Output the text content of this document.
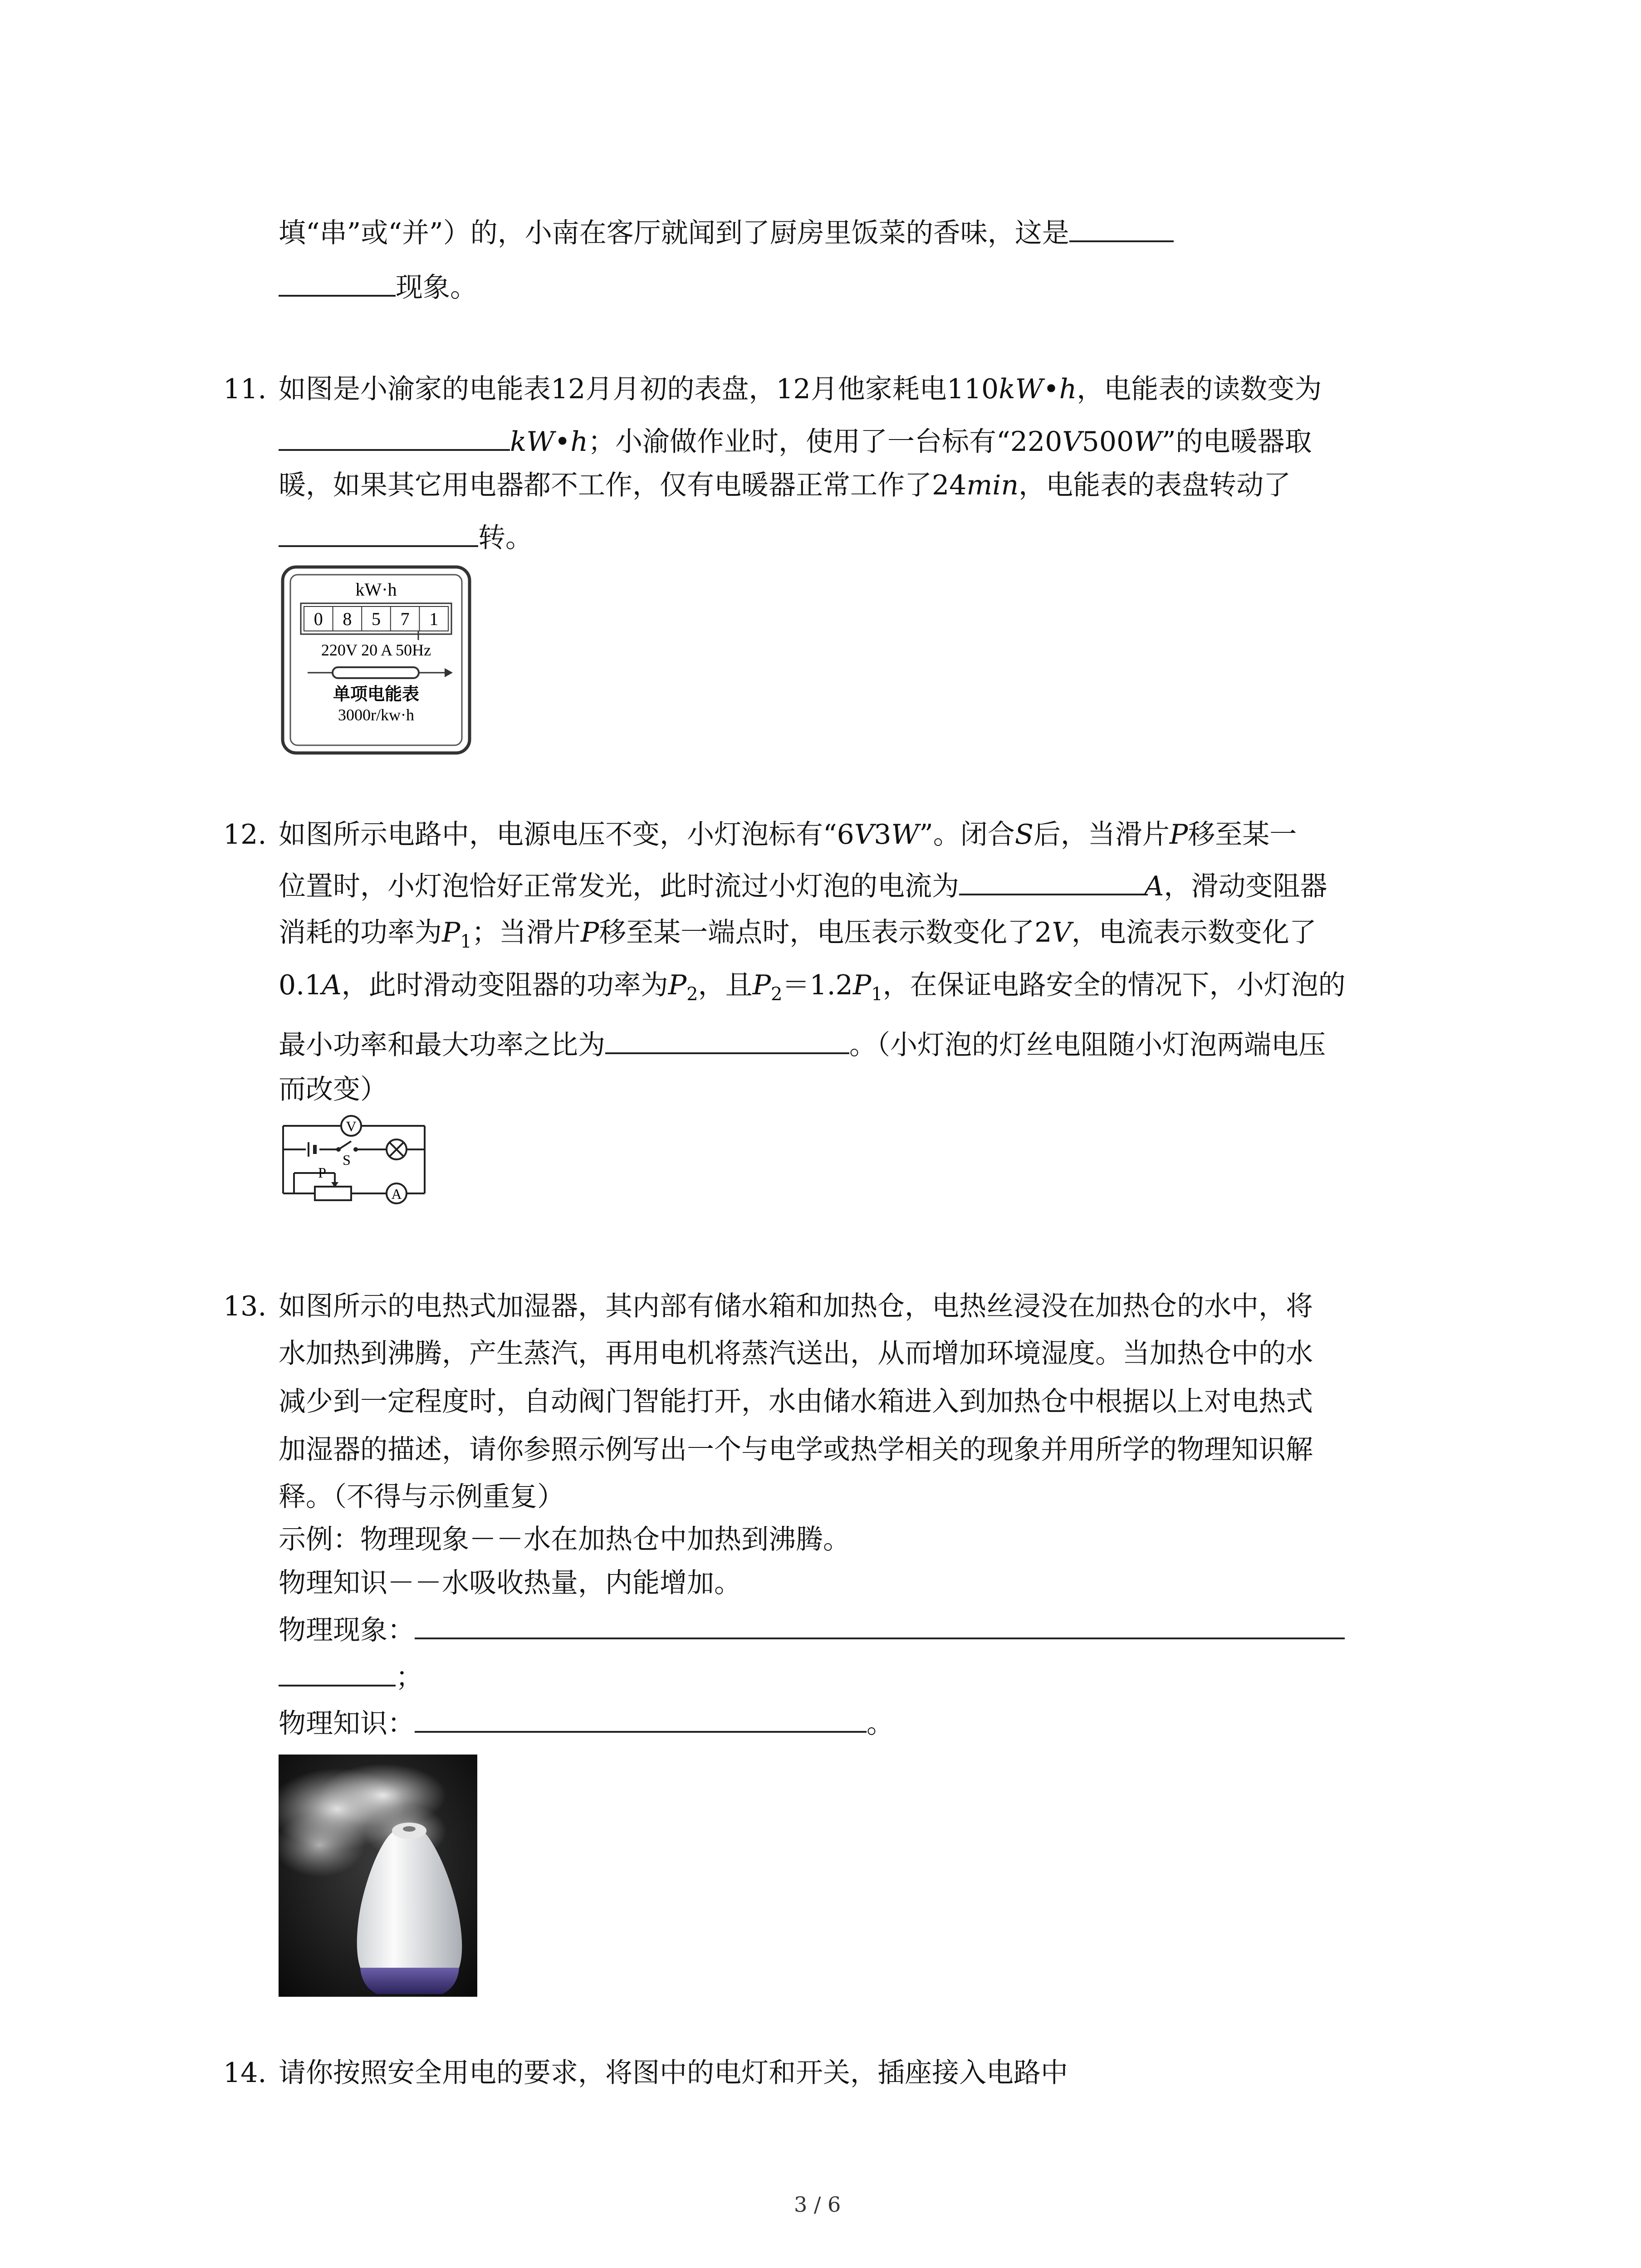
填“串”或“并”）的，小南在客厅就闻到了厨房里饭菜的香味，这是
现象。
11. 如图是小渝家的电能表12月月初的表盘，12月他家耗电110kW•h，电能表的读数变为
kW•h；小渝做作业时，使用了一台标有“220V500W”的电暖器取
暖，如果其它用电器都不工作，仅有电暖器正常工作了24min，电能表的表盘转动了
转。
kW·h
0 8 5 7 1
220V 20 A 50Hz
单项电能表
3000r/kw·h
12. 如图所示电路中，电源电压不变，小灯泡标有“6V3W”。闭合S后，当滑片P移至某一
位置时，小灯泡恰好正常发光，此时流过小灯泡的电流为	A，滑动变阻器
消耗的功率为$P_1$；当滑片P移至某一端点时，电压表示数变化了2V，电流表示数变化了
0.1A，此时滑动变阻器的功率为$P_2$，且$P_2=1.2P_1$，在保证电路安全的情况下，小灯泡的
最小功率和最大功率之比为	。（小灯泡的灯丝电阻随小灯泡两端电压
而改变）
S
V
P
A
13. 如图所示的电热式加湿器，其内部有储水箱和加热仓，电热丝浸没在加热仓的水中，将
水加热到沸腾，产生蒸汽，再用电机将蒸汽送出，从而增加环境湿度。当加热仓中的水
减少到一定程度时，自动阀门智能打开，水由储水箱进入到加热仓中根据以上对电热式
加湿器的描述，请你参照示例写出一个与电学或热学相关的现象并用所学的物理知识解
释。（不得与示例重复）
示例：物理现象－－水在加热仓中加热到沸腾。
物理知识－－水吸收热量，内能增加。
物理现象：
；
物理知识：	。
14. 请你按照安全用电的要求，将图中的电灯和开关，插座接入电路中
3 / 6
